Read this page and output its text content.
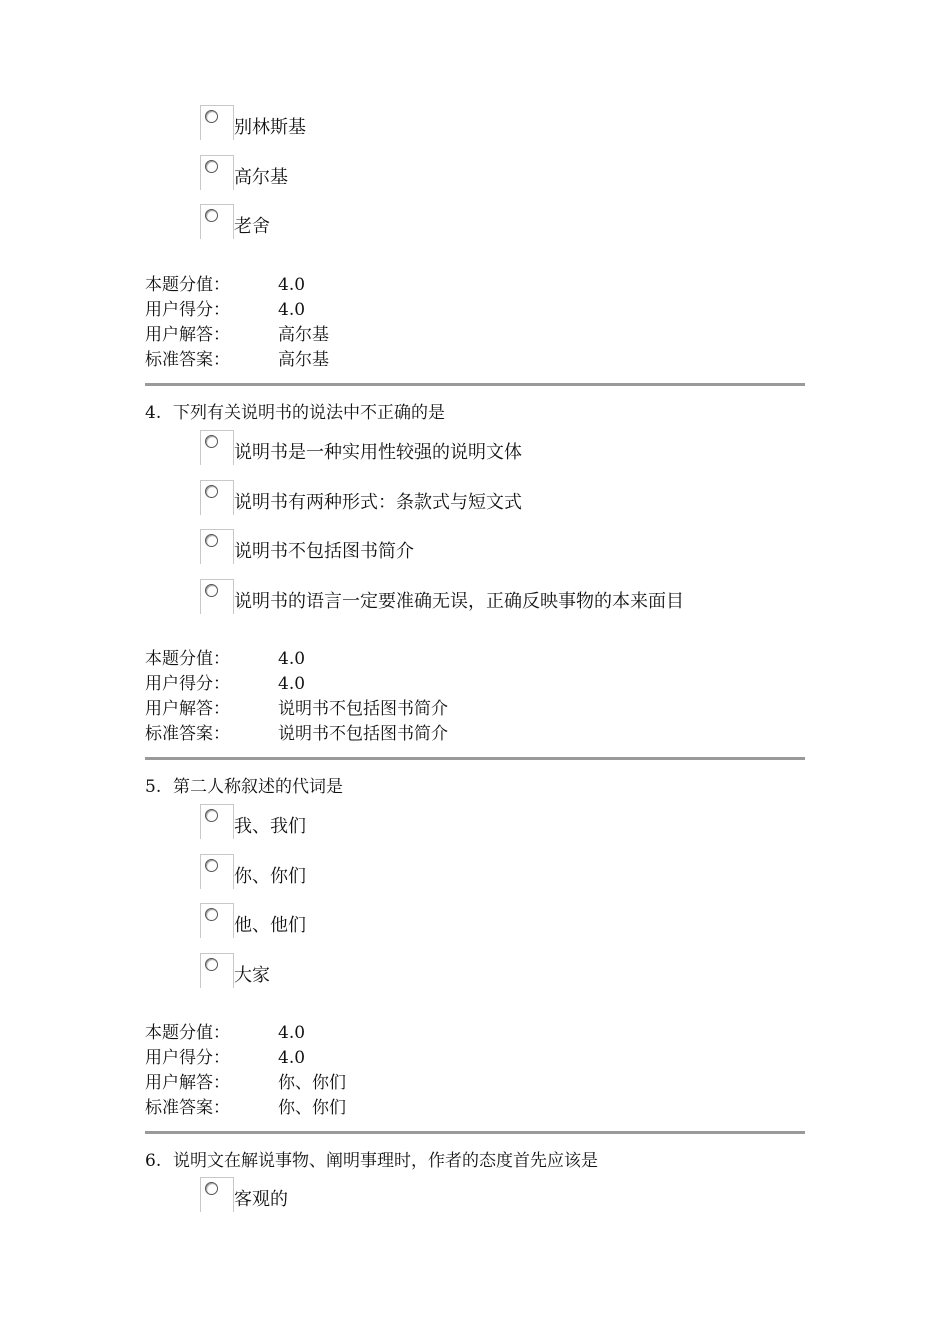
别林斯基
高尔基
老舍
本题分值：	4.0
用户得分：	4.0
用户解答：	高尔基
标准答案：	高尔基
4. 下列有关说明书的说法中不正确的是
说明书是一种实用性较强的说明文体
说明书有两种形式：条款式与短文式
说明书不包括图书简介
说明书的语言一定要准确无误，正确反映事物的本来面目
本题分值：	4.0
用户得分：	4.0
用户解答：	说明书不包括图书简介
标准答案：	说明书不包括图书简介
5. 第二人称叙述的代词是
我、我们
你、你们
他、他们
大家
本题分值：	4.0
用户得分：	4.0
用户解答：	你、你们
标准答案：	你、你们
6. 说明文在解说事物、阐明事理时，作者的态度首先应该是
客观的
